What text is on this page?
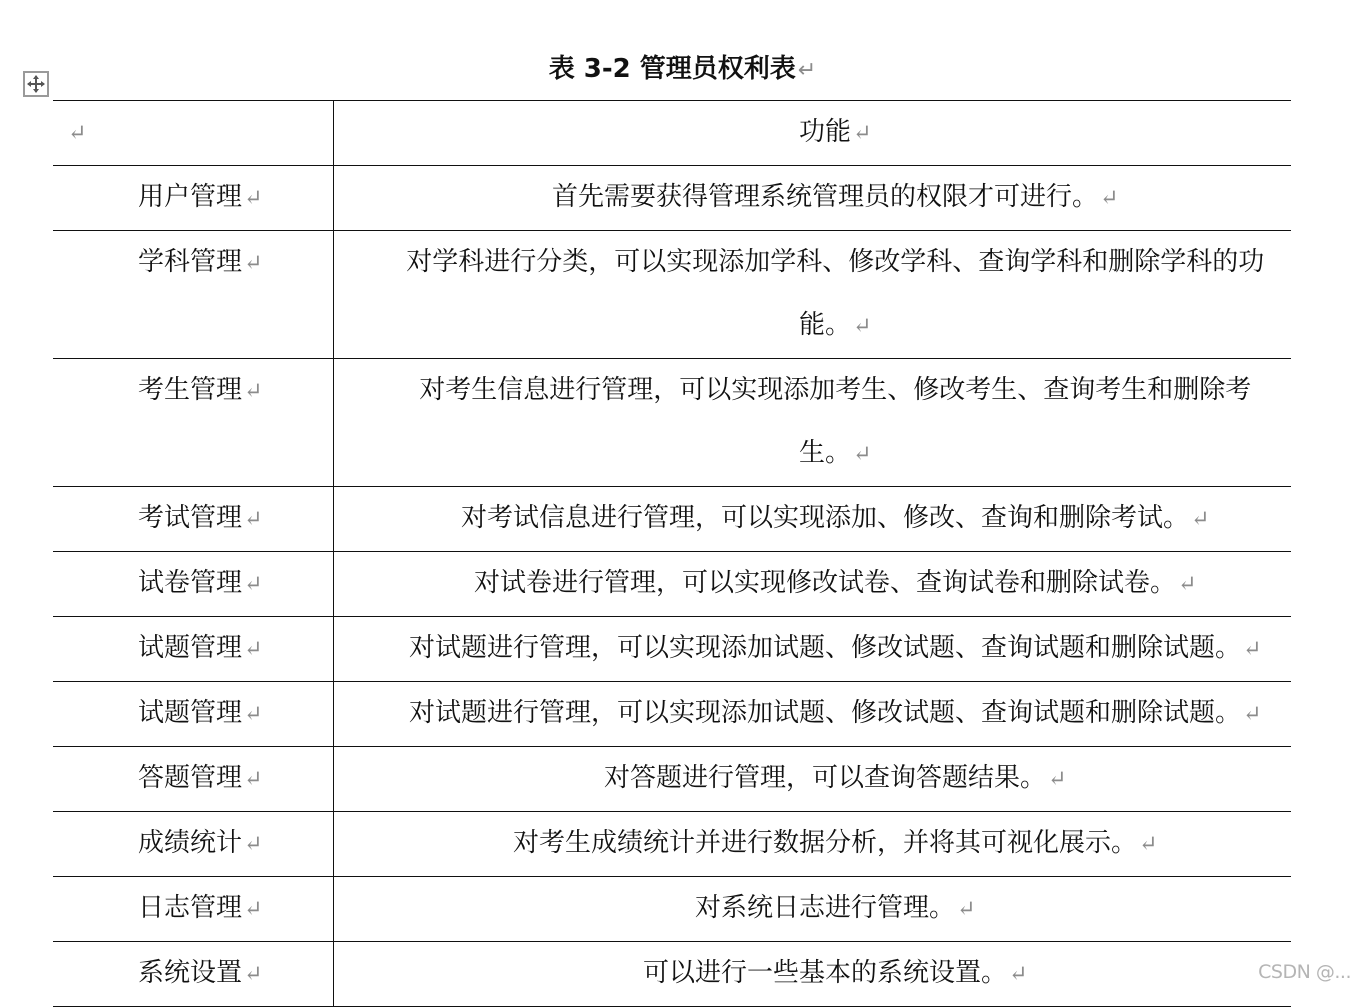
表 3-2 管理员权利表↵
↵	功能↵
用户管理↵	首先需要获得管理系统管理员的权限才可进行。↵
学科管理↵	对学科进行分类，可以实现添加学科、修改学科、查询学科和删除学科的功能。↵
考生管理↵	对考生信息进行管理，可以实现添加考生、修改考生、查询考生和删除考生。↵
考试管理↵	对考试信息进行管理，可以实现添加、修改、查询和删除考试。↵
试卷管理↵	对试卷进行管理，可以实现修改试卷、查询试卷和删除试卷。↵
试题管理↵	对试题进行管理，可以实现添加试题、修改试题、查询试题和删除试题。↵
试题管理↵	对试题进行管理，可以实现添加试题、修改试题、查询试题和删除试题。↵
答题管理↵	对答题进行管理，可以查询答题结果。↵
成绩统计↵	对考生成绩统计并进行数据分析，并将其可视化展示。↵
日志管理↵	对系统日志进行管理。↵
系统设置↵	可以进行一些基本的系统设置。↵	CSDN @...
